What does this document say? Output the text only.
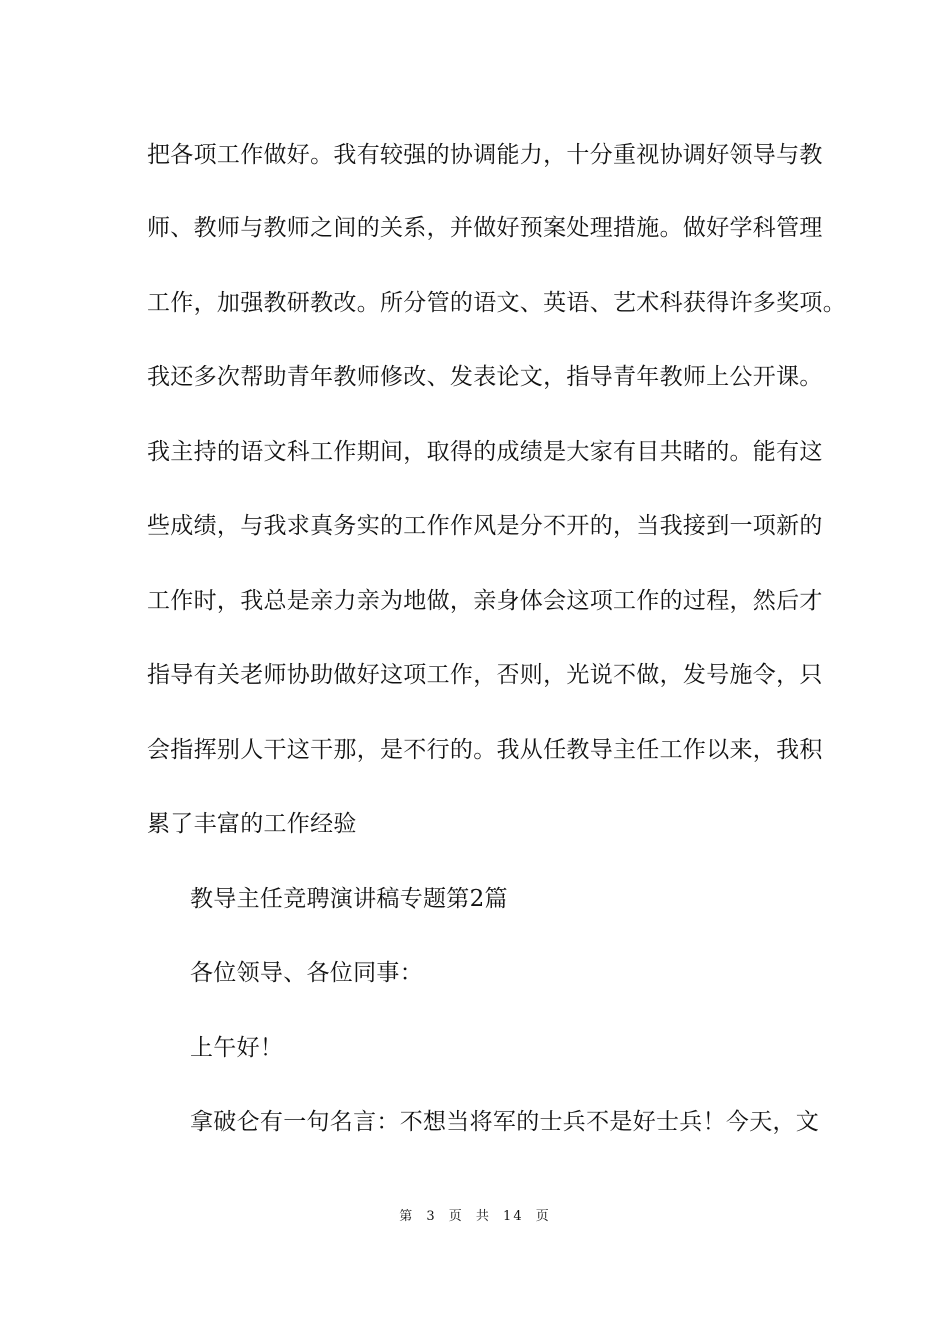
把各项工作做好。我有较强的协调能力，十分重视协调好领导与教
师、教师与教师之间的关系，并做好预案处理措施。做好学科管理
工作，加强教研教改。所分管的语文、英语、艺术科获得许多奖项。
我还多次帮助青年教师修改、发表论文，指导青年教师上公开课。
我主持的语文科工作期间，取得的成绩是大家有目共睹的。能有这
些成绩，与我求真务实的工作作风是分不开的，当我接到一项新的
工作时，我总是亲力亲为地做，亲身体会这项工作的过程，然后才
指导有关老师协助做好这项工作，否则，光说不做，发号施令，只
会指挥别人干这干那，是不行的。我从任教导主任工作以来，我积
累了丰富的工作经验
教导主任竞聘演讲稿专题第2篇
各位领导、各位同事：
上午好！
拿破仑有一句名言：不想当将军的士兵不是好士兵！今天，文
第 3 页 共 14 页
